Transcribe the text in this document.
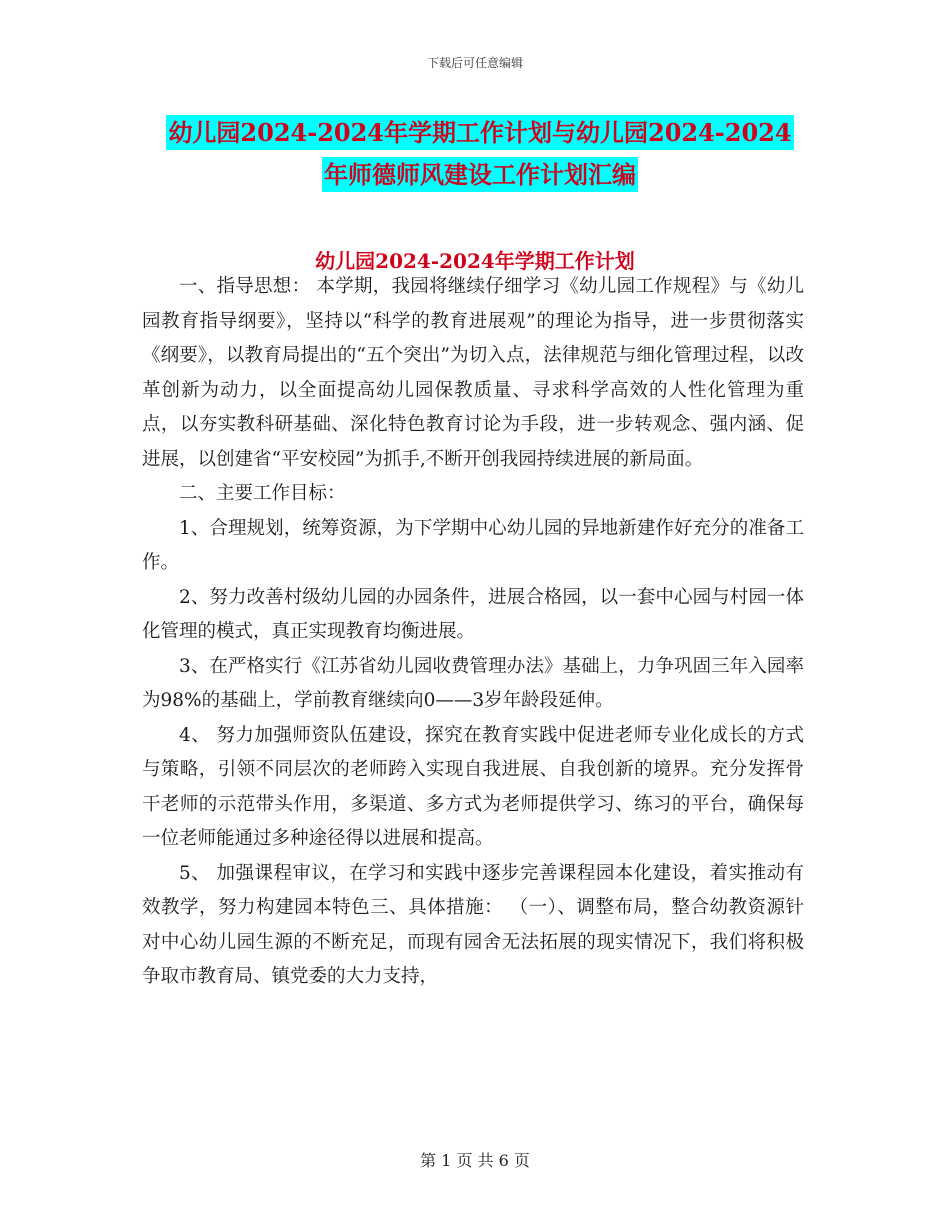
下载后可任意编辑
幼儿园2024-2024年学期工作计划与幼儿园2024-2024
年师德师风建设工作计划汇编
幼儿园2024-2024年学期工作计划

一、指导思想： 本学期，我园将继续仔细学习《幼儿园工作规程》与《幼儿园教育指导纲要》，坚持以“科学的教育进展观”的理论为指导，进一步贯彻落实《纲要》，以教育局提出的“五个突出”为切入点，法律规范与细化管理过程，以改革创新为动力，以全面提高幼儿园保教质量、寻求科学高效的人性化管理为重点，以夯实教科研基础、深化特色教育讨论为手段，进一步转观念、强内涵、促进展，以创建省“平安校园”为抓手,不断开创我园持续进展的新局面。

二、主要工作目标：

1、合理规划，统筹资源，为下学期中心幼儿园的异地新建作好充分的准备工作。

2、努力改善村级幼儿园的办园条件，进展合格园，以一套中心园与村园一体化管理的模式，真正实现教育均衡进展。

3、在严格实行《江苏省幼儿园收费管理办法》基础上，力争巩固三年入园率为98%的基础上，学前教育继续向0——3岁年龄段延伸。

4、 努力加强师资队伍建设，探究在教育实践中促进老师专业化成长的方式与策略，引领不同层次的老师跨入实现自我进展、自我创新的境界。充分发挥骨干老师的示范带头作用，多渠道、多方式为老师提供学习、练习的平台，确保每一位老师能通过多种途径得以进展和提高。

5、 加强课程审议，在学习和实践中逐步完善课程园本化建设，着实推动有效教学，努力构建园本特色三、具体措施： （一）、调整布局，整合幼教资源针对中心幼儿园生源的不断充足，而现有园舍无法拓展的现实情况下，我们将积极争取市教育局、镇党委的大力支持，

第 1 页 共 6 页
